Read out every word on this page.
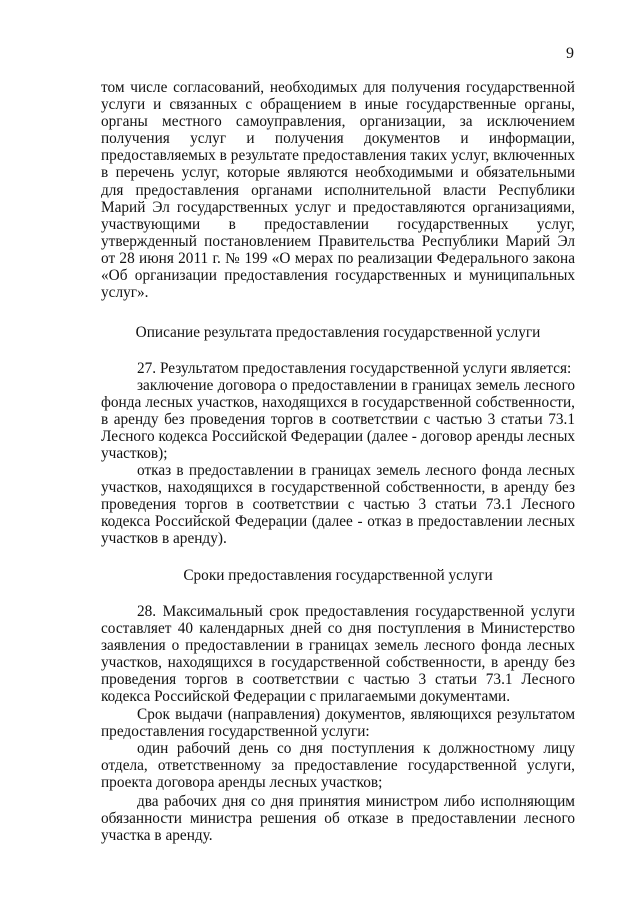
9
том числе согласований, необходимых для получения государственной услуги и связанных с обращением в иные государственные органы, органы местного самоуправления, организации, за исключением получения услуг и получения документов и информации, предоставляемых в результате предоставления таких услуг, включенных в перечень услуг, которые являются необходимыми и обязательными для предоставления органами исполнительной власти Республики Марий Эл государственных услуг и предоставляются организациями, участвующими в предоставлении государственных услуг, утвержденный постановлением Правительства Республики Марий Эл от 28 июня 2011 г. № 199 «О мерах по реализации Федерального закона «Об организации предоставления государственных и муниципальных услуг».
Описание результата предоставления государственной услуги
27. Результатом предоставления государственной услуги является:
заключение договора о предоставлении в границах земель лесного фонда лесных участков, находящихся в государственной собственности, в аренду без проведения торгов в соответствии с частью 3 статьи 73.1 Лесного кодекса Российской Федерации (далее - договор аренды лесных участков);
отказ в предоставлении в границах земель лесного фонда лесных участков, находящихся в государственной собственности, в аренду без проведения торгов в соответствии с частью 3 статьи 73.1 Лесного кодекса Российской Федерации (далее - отказ в предоставлении лесных участков в аренду).
Сроки предоставления государственной услуги
28. Максимальный срок предоставления государственной услуги составляет 40 календарных дней со дня поступления в Министерство заявления о предоставлении в границах земель лесного фонда лесных участков, находящихся в государственной собственности, в аренду без проведения торгов в соответствии с частью 3 статьи 73.1 Лесного кодекса Российской Федерации с прилагаемыми документами.
Срок выдачи (направления) документов, являющихся результатом предоставления государственной услуги:
один рабочий день со дня поступления к должностному лицу отдела, ответственному за предоставление государственной услуги, проекта договора аренды лесных участков;
два рабочих дня со дня принятия министром либо исполняющим обязанности министра решения об отказе в предоставлении лесного участка в аренду.
